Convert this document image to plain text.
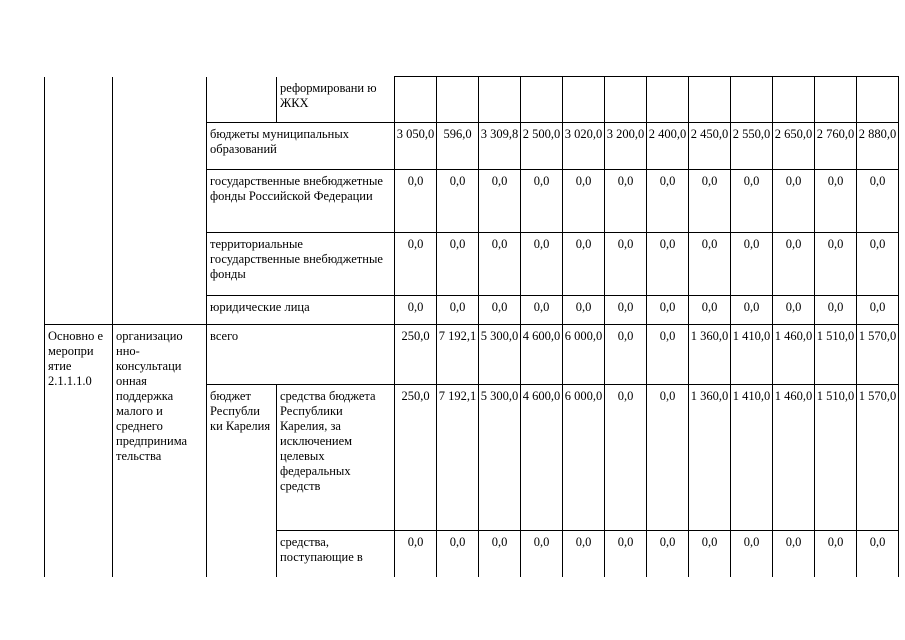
			реформировани ю ЖКХ												
		бюджеты муниципальных образований		3 050,0	596,0	3 309,8	2 500,0	3 020,0	3 200,0	2 400,0	2 450,0	2 550,0	2 650,0	2 760,0	2 880,0

		государственные внебюджетные фонды Российской Федерации		0,0	0,0	0,0	0,0	0,0	0,0	0,0	0,0	0,0	0,0	0,0	0,0

		территориальные государственные внебюджетные фонды		0,0	0,0	0,0	0,0	0,0	0,0	0,0	0,0	0,0	0,0	0,0	0,0

		юридические лица		0,0	0,0	0,0	0,0	0,0	0,0	0,0	0,0	0,0	0,0	0,0	0,0

Основно е меропри ятие 2.1.1.1.0	организацио нно- консультаци онная поддержка малого и среднего предпринима тельства	всего		250,0	7 192,1	5 300,0	4 600,0	6 000,0	0,0	0,0	1 360,0	1 410,0	1 460,0	1 510,0	1 570,0

		бюджет Республи ки Карелия	средства бюджета Республики Карелия, за исключением целевых федеральных средств	250,0	7 192,1	5 300,0	4 600,0	6 000,0	0,0	0,0	1 360,0	1 410,0	1 460,0	1 510,0	1 570,0

			средства, поступающие в	0,0	0,0	0,0	0,0	0,0	0,0	0,0	0,0	0,0	0,0	0,0	0,0
